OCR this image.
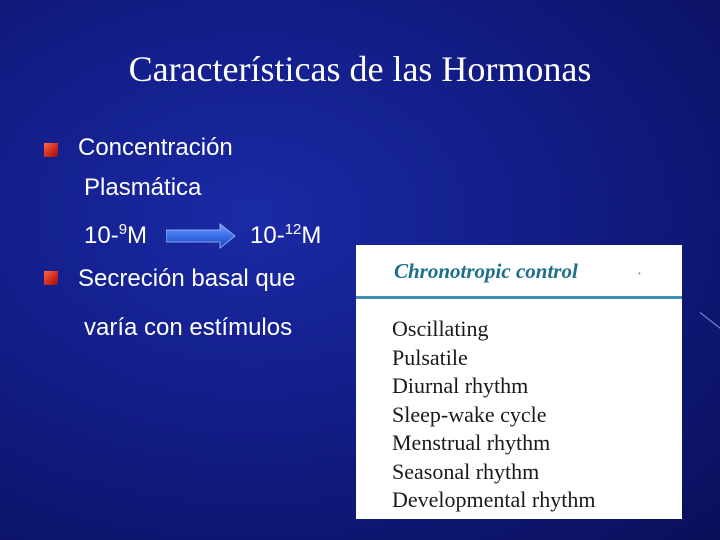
Características de las Hormonas
Concentración
Plasmática
10-$^9$M	10-$^{12}$M
Secreción basal que
varía con estímulos
Chronotropic control	•
Oscillating
Pulsatile
Diurnal rhythm
Sleep-wake cycle
Menstrual rhythm
Seasonal rhythm
Developmental rhythm
